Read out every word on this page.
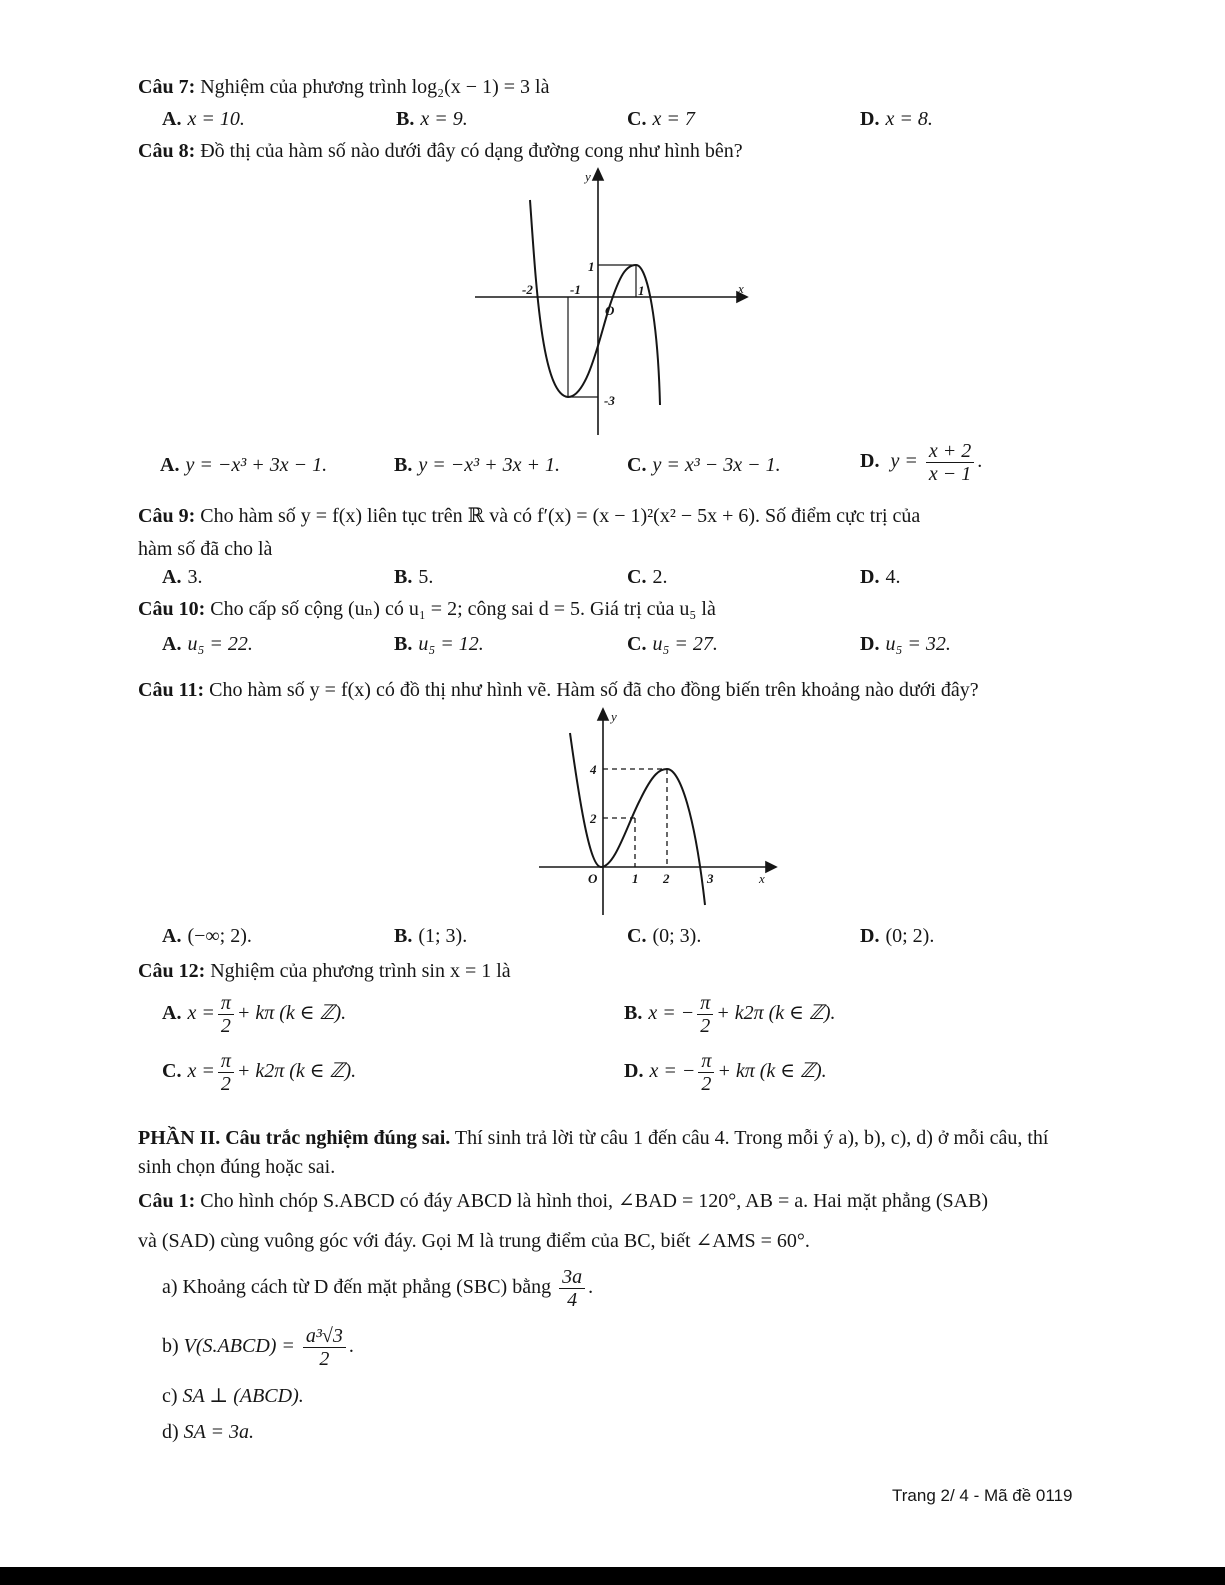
Câu 7: Nghiệm của phương trình log₂(x − 1) = 3 là
A. x = 10.	B. x = 9.	C. x = 7	D. x = 8.
Câu 8: Đồ thị của hàm số nào dưới đây có dạng đường cong như hình bên?
y
x
-2	-1
1
1
O
-3
A. y = −x³ + 3x − 1.	B. y = −x³ + 3x + 1.	C. y = x³ − 3x − 1.	D. $y = \frac{x + 2}{x - 1}$ .
Câu 9: Cho hàm số y = f(x) liên tục trên ℝ và có f′(x) = (x − 1)²(x² − 5x + 6). Số điểm cực trị của
hàm số đã cho là
A. 3.	B. 5.	C. 2.	D. 4.
Câu 10: Cho cấp số cộng (uₙ) có u₁ = 2; công sai d = 5. Giá trị của u₅ là
A. u₅ = 22.	B. u₅ = 12.	C. u₅ = 27.	D. u₅ = 32.
Câu 11: Cho hàm số y = f(x) có đồ thị như hình vẽ. Hàm số đã cho đồng biến trên khoảng nào dưới đây?
y
x
4
2
O	1 2	3
A. (−∞; 2).	B. (1; 3).	C. (0; 3).	D. (0; 2).
Câu 12: Nghiệm của phương trình sin x = 1 là
A. $x = \frac{\pi}{2} + k\pi$ (k ∈ ℤ).	B. x = − $\frac{\pi}{2} + k2\pi$ (k ∈ ℤ).
C. $x = \frac{\pi}{2} + k2\pi$ (k ∈ ℤ).	D. x = − $\frac{\pi}{2} + k\pi$ (k ∈ ℤ).
PHẦN II. Câu trắc nghiệm đúng sai. Thí sinh trả lời từ câu 1 đến câu 4. Trong mỗi ý a), b), c), d) ở mỗi câu, thí sinh chọn đúng hoặc sai.
Câu 1: Cho hình chóp S.ABCD có đáy ABCD là hình thoi, ∠BAD = 120°, AB = a. Hai mặt phẳng (SAB)
và (SAD) cùng vuông góc với đáy. Gọi M là trung điểm của BC, biết ∠AMS = 60°.
a) Khoảng cách từ D đến mặt phẳng (SBC) bằng $\frac{3a}{4}$ .
b) V(S.ABCD) = $\frac{\text{a³√3}}{2}$ .
c) SA ⊥ (ABCD).
d) SA = 3a.
Trang 2/ 4 - Mã đề 0119
